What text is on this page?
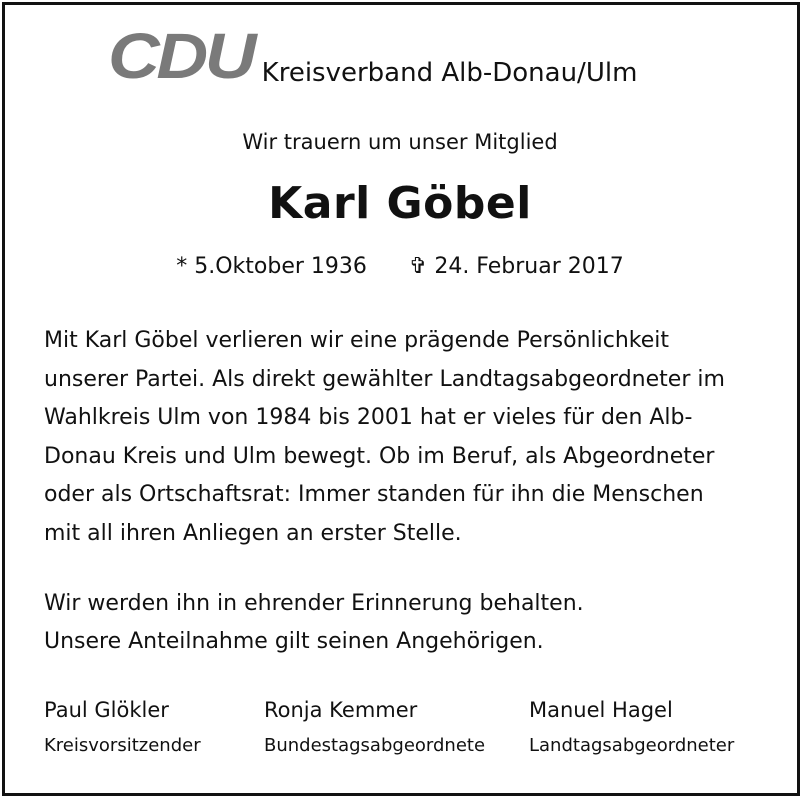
CDU Kreisverband Alb-Donau/Ulm
Wir trauern um unser Mitglied
Karl Göbel
* 5.Oktober 1936 ✞ 24. Februar 2017

Mit Karl Göbel verlieren wir eine prägende Persönlichkeit

unserer Partei. Als direkt gewählter Landtagsabgeordneter im

Wahlkreis Ulm von 1984 bis 2001 hat er vieles für den Alb-

Donau Kreis und Ulm bewegt. Ob im Beruf, als Abgeordneter

oder als Ortschaftsrat: Immer standen für ihn die Menschen

mit all ihren Anliegen an erster Stelle.

Wir werden ihn in ehrender Erinnerung behalten.

Unsere Anteilnahme gilt seinen Angehörigen.

Paul Glökler
Kreisvorsitzender
Ronja Kemmer
Bundestagsabgeordnete
Manuel Hagel
Landtagsabgeordneter
